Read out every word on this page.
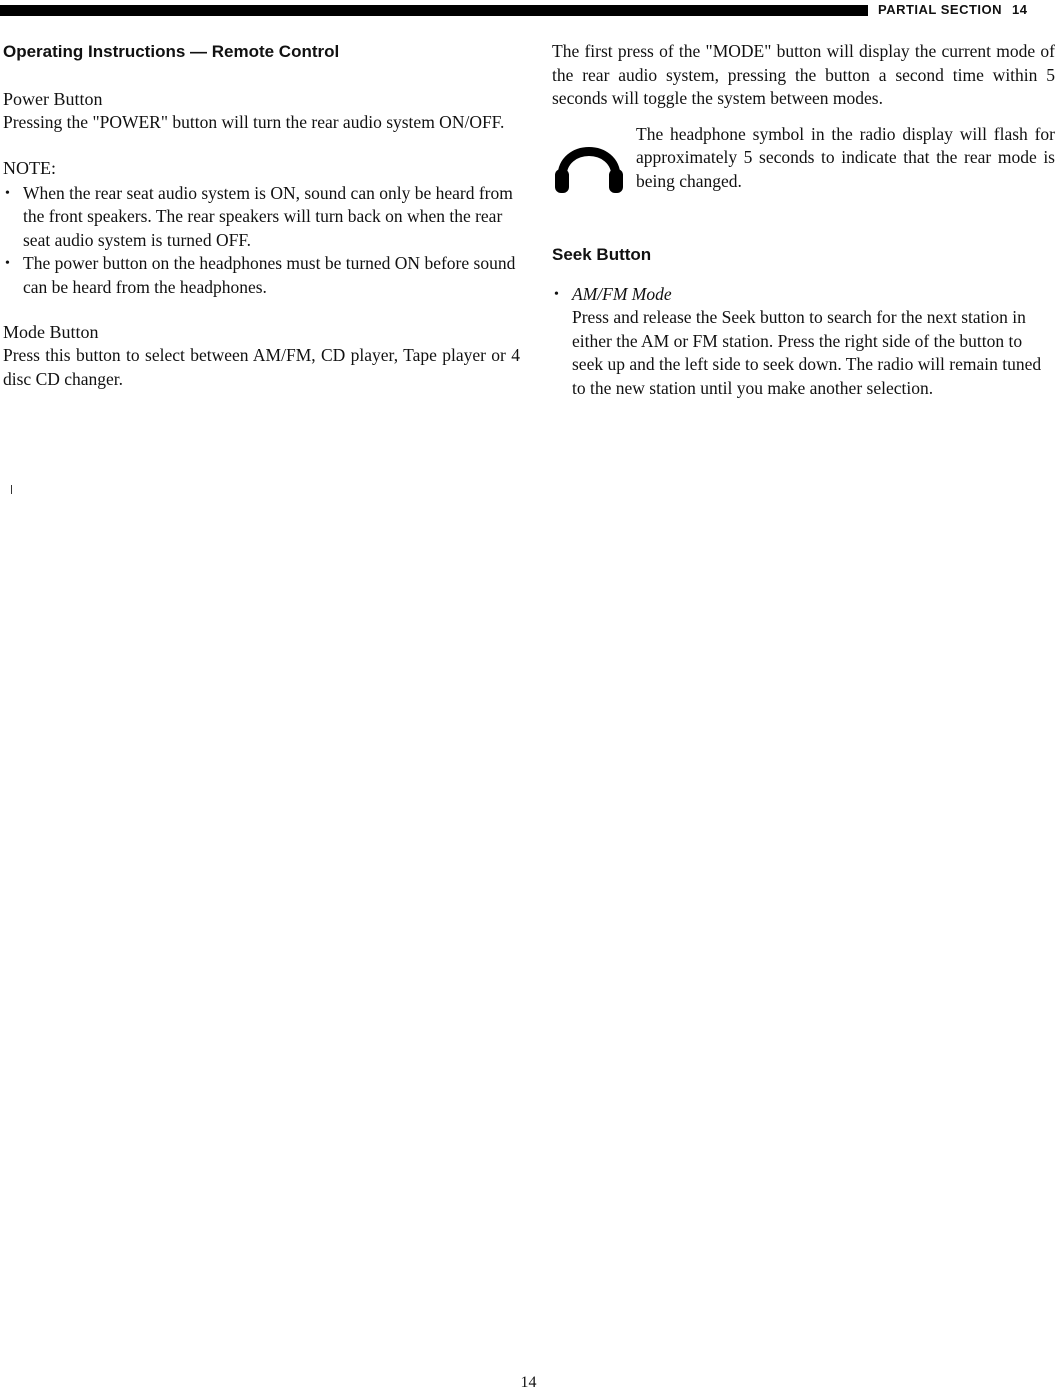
PARTIAL SECTION 14
Operating Instructions — Remote Control
Power Button

Pressing the "POWER" button will turn the rear audio system ON/OFF.

NOTE:
• When the rear seat audio system is ON, sound can only be heard from the front speakers. The rear speakers will turn back on when the rear seat audio system is turned OFF.
• The power button on the headphones must be turned ON before sound can be heard from the headphones.
Mode Button

Press this button to select between AM/FM, CD player, Tape player or 4 disc CD changer.

The first press of the "MODE" button will display the current mode of the rear audio system, pressing the button a second time within 5 seconds will toggle the system between modes.

The headphone symbol in the radio display will flash for approximately 5 seconds to indicate that the rear mode is being changed.

Seek Button
• AM/FM Mode

Press and release the Seek button to search for the next station in either the AM or FM station. Press the right side of the button to seek up and the left side to seek down. The radio will remain tuned to the new station until you make another selection.

14
